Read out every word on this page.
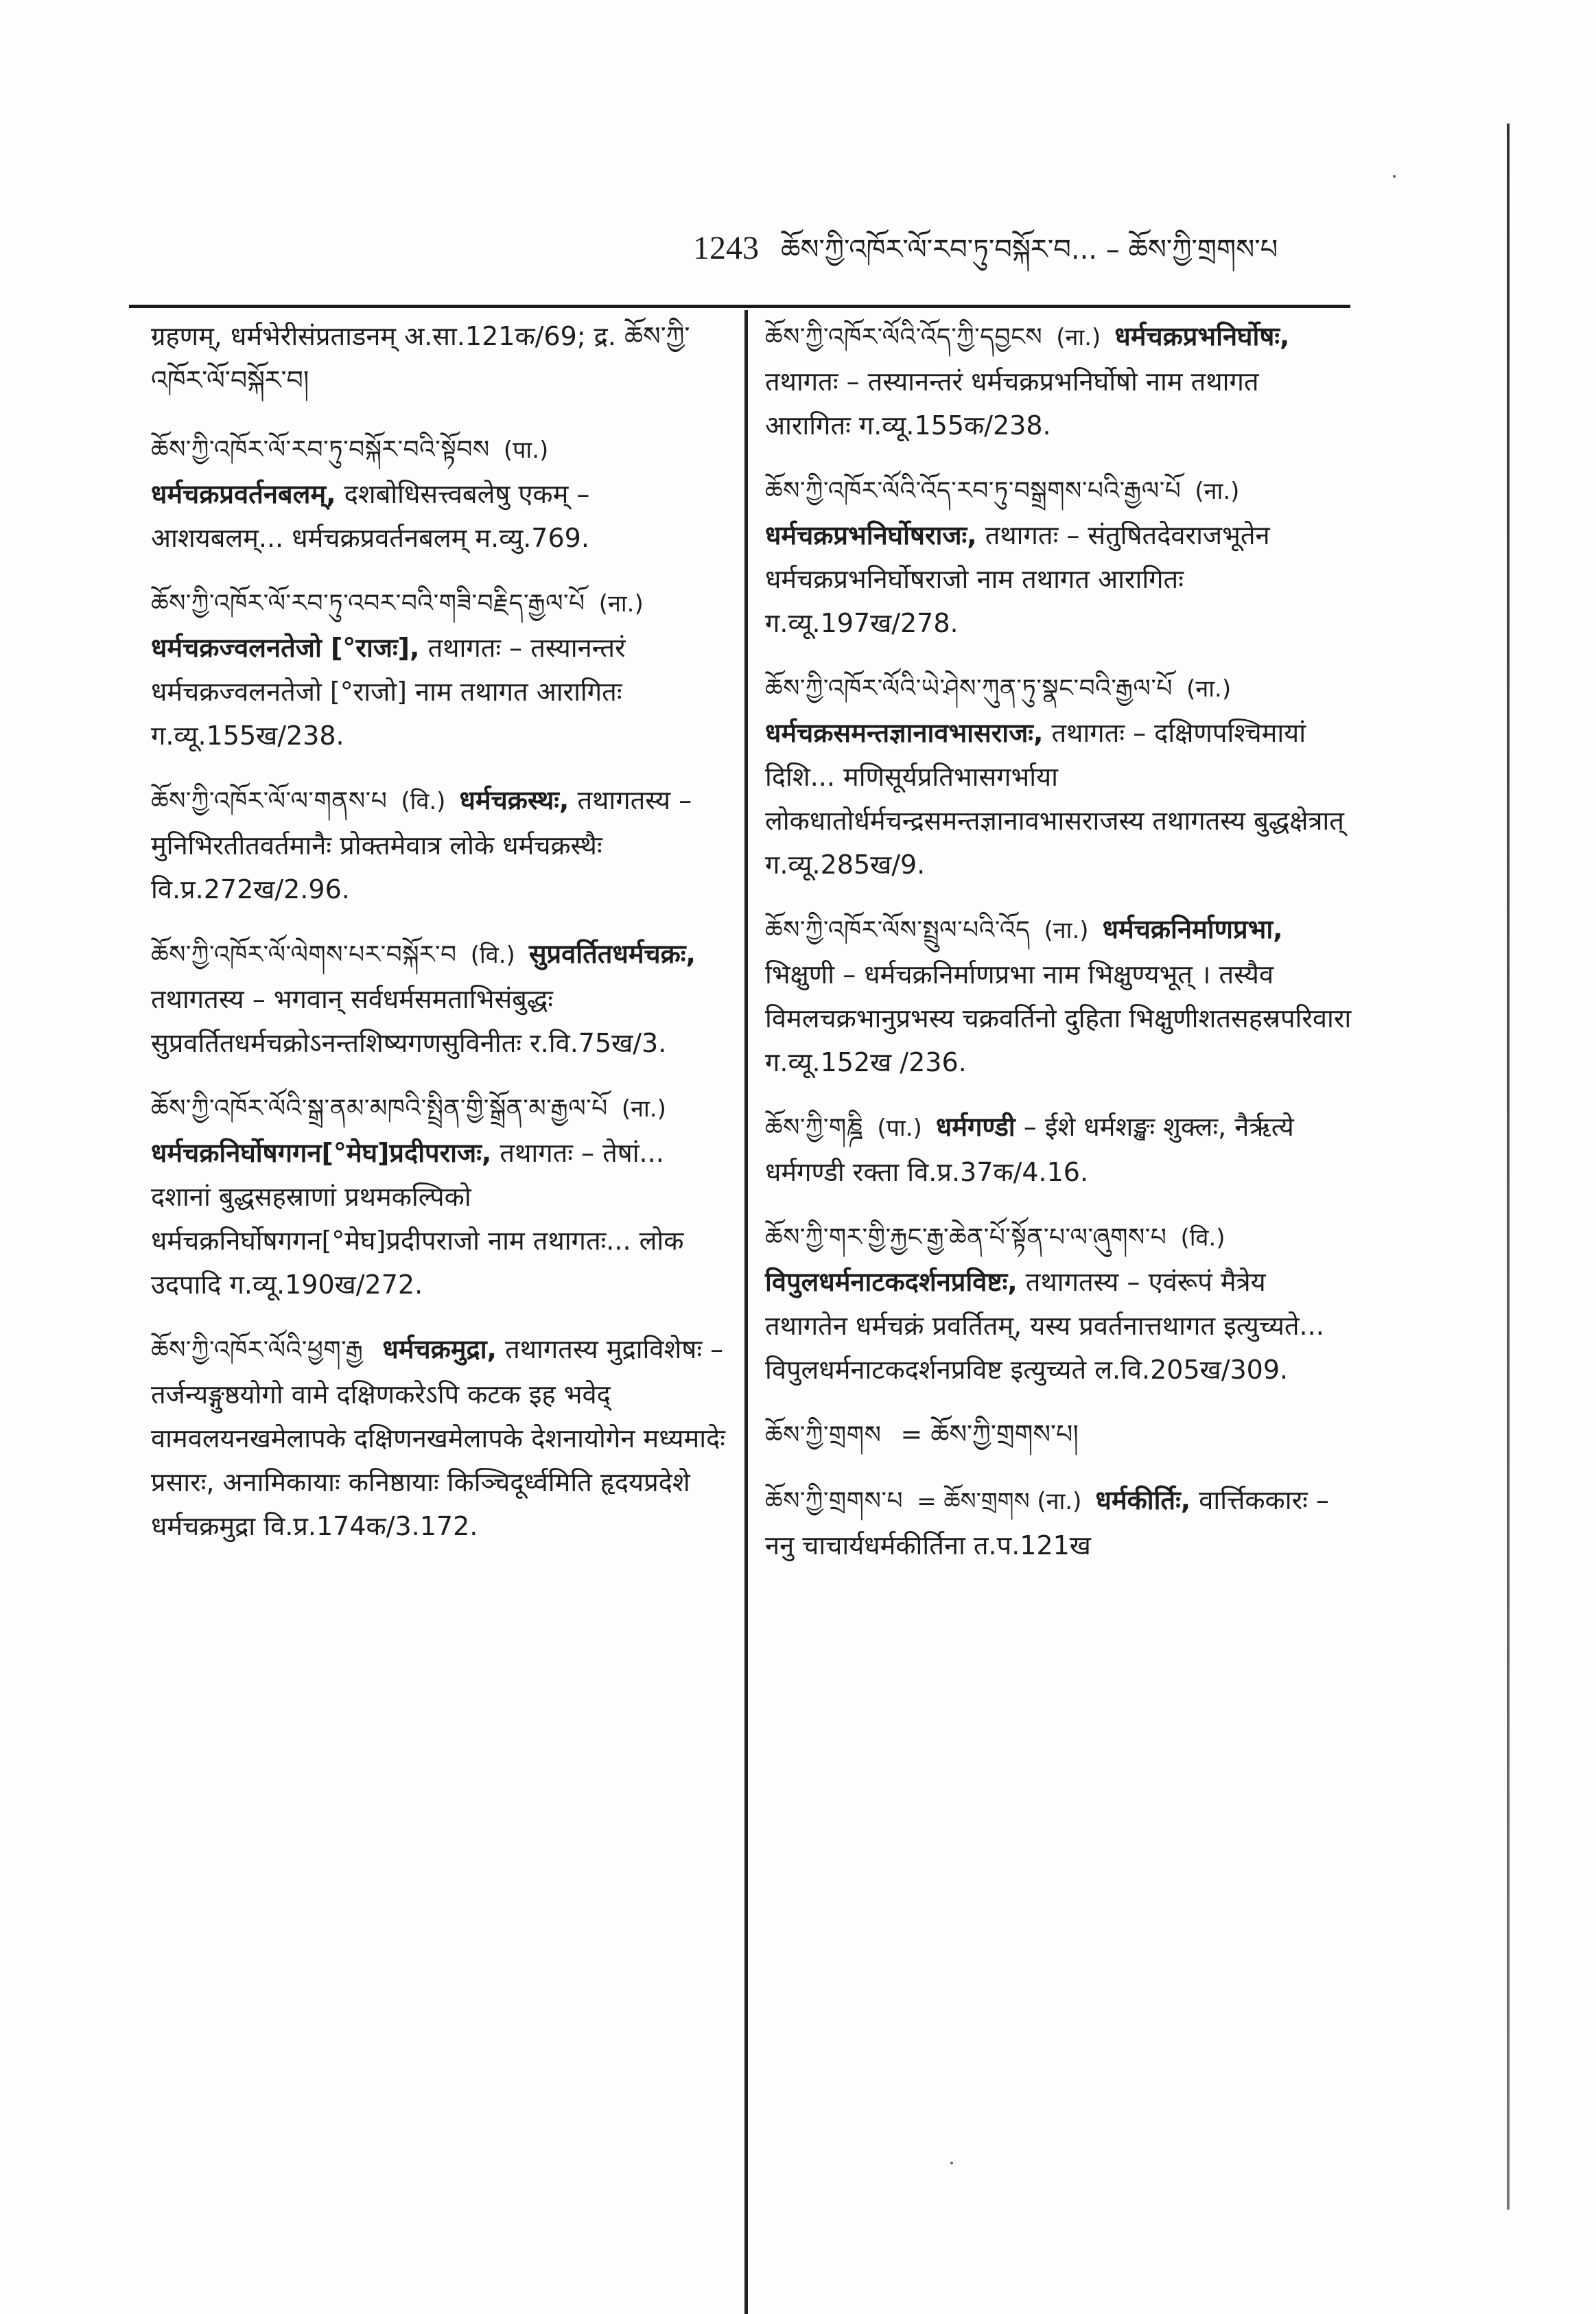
1243 ཆོས་ཀྱི་འཁོར་ལོ་རབ་ཏུ་བསྐོར་བ... – ཆོས་ཀྱི་གྲགས་པ
ग्रहणम्, धर्मभेरीसंप्रताडनम् अ.सा.121क/69; द्र. ཆོས་ཀྱི་འཁོར་ལོ་བསྐོར་བ།
ཆོས་ཀྱི་འཁོར་ལོ་རབ་ཏུ་བསྐོར་བའི་སྟོབས (पा.) धर्मचक्रप्रवर्तनबलम्, दशबोधिसत्त्वबलेषु एकम् – आशयबलम्... धर्मचक्रप्रवर्तनबलम् म.व्यु.769.
ཆོས་ཀྱི་འཁོར་ལོ་རབ་ཏུ་འབར་བའི་གཟི་བརྗིད་རྒྱལ་པོ (ना.) धर्मचक्रज्वलनतेजो [°राजः], तथागतः – तस्यानन्तरं धर्मचक्रज्वलनतेजो [°राजो] नाम तथागत आरागितः ग.व्यू.155ख/238.
ཆོས་ཀྱི་འཁོར་ལོ་ལ་གནས་པ (वि.) धर्मचक्रस्थः, तथागतस्य – मुनिभिरतीतवर्तमानैः प्रोक्तमेवात्र लोके धर्मचक्रस्थैः वि.प्र.272ख/2.96.
ཆོས་ཀྱི་འཁོར་ལོ་ལེགས་པར་བསྐོར་བ (वि.) सुप्रवर्तितधर्मचक्रः, तथागतस्य – भगवान् सर्वधर्मसमताभिसंबुद्धः सुप्रवर्तितधर्मचक्रोऽनन्तशिष्यगणसुविनीतः र.वि.75ख/3.
ཆོས་ཀྱི་འཁོར་ལོའི་སྒྲ་ནམ་མཁའི་སྤྲིན་གྱི་སྒྲོན་མ་རྒྱལ་པོ (ना.) धर्मचक्रनिर्घोषगगन[°मेघ]प्रदीपराजः, तथागतः – तेषां... दशानां बुद्धसहस्राणां प्रथमकल्पिको धर्मचक्रनिर्घोषगगन[°मेघ]प्रदीपराजो नाम तथागतः... लोक उदपादि ग.व्यू.190ख/272.
ཆོས་ཀྱི་འཁོར་ལོའི་ཕྱག་རྒྱ धर्मचक्रमुद्रा, तथागतस्य मुद्राविशेषः – तर्जन्यङ्गुष्ठयोगो वामे दक्षिणकरेऽपि कटक इह भवेद् वामवलयनखमेलापके दक्षिणनखमेलापके देशनायोगेन मध्यमादेः प्रसारः, अनामिकायाः कनिष्ठायाः किञ्चिदूर्ध्वमिति हृदयप्रदेशे धर्मचक्रमुद्रा वि.प्र.174क/3.172.
ཆོས་ཀྱི་འཁོར་ལོའི་འོད་ཀྱི་དབྱངས (ना.) धर्मचक्रप्रभनिर्घोषः, तथागतः – तस्यानन्तरं धर्मचक्रप्रभनिर्घोषो नाम तथागत आरागितः ग.व्यू.155क/238.
ཆོས་ཀྱི་འཁོར་ལོའི་འོད་རབ་ཏུ་བསྒྲགས་པའི་རྒྱལ་པོ (ना.) धर्मचक्रप्रभनिर्घोषराजः, तथागतः – संतुषितदेवराजभूतेन धर्मचक्रप्रभनिर्घोषराजो नाम तथागत आरागितः ग.व्यू.197ख/278.
ཆོས་ཀྱི་འཁོར་ལོའི་ཡེ་ཤེས་ཀུན་ཏུ་སྣང་བའི་རྒྱལ་པོ (ना.) धर्मचक्रसमन्तज्ञानावभासराजः, तथागतः – दक्षिणपश्चिमायां दिशि... मणिसूर्यप्रतिभासगर्भाया लोकधातोर्धर्मचन्द्रसमन्तज्ञानावभासराजस्य तथागतस्य बुद्धक्षेत्रात् ग.व्यू.285ख/9.
ཆོས་ཀྱི་འཁོར་ལོས་སྤྲུལ་པའི་འོད (ना.) धर्मचक्रनिर्माणप्रभा, भिक्षुणी – धर्मचक्रनिर्माणप्रभा नाम भिक्षुण्यभूत् । तस्यैव विमलचक्रभानुप्रभस्य चक्रवर्तिनो दुहिता भिक्षुणीशतसहस्रपरिवारा ग.व्यू.152ख /236.
ཆོས་ཀྱི་གཎྜི (पा.) धर्मगण्डी – ईशे धर्मशङ्खः शुक्लः, नैर्ऋत्ये धर्मगण्डी रक्ता वि.प्र.37क/4.16.
ཆོས་ཀྱི་གར་གྱི་རྐྱང་རྒྱ་ཆེན་པོ་སྟོན་པ་ལ་ཞུགས་པ (वि.) विपुलधर्मनाटकदर्शनप्रविष्टः, तथागतस्य – एवंरूपं मैत्रेय तथागतेन धर्मचक्रं प्रवर्तितम्, यस्य प्रवर्तनात्तथागत इत्युच्यते... विपुलधर्मनाटकदर्शनप्रविष्ट इत्युच्यते ल.वि.205ख/309.
ཆོས་ཀྱི་གྲགས = ཆོས་ཀྱི་གྲགས་པ།
ཆོས་ཀྱི་གྲགས་པ = ཆོས་གྲགས (ना.) धर्मकीर्तिः, वार्त्तिककारः – ननु चाचार्यधर्मकीर्तिना त.प.121ख
